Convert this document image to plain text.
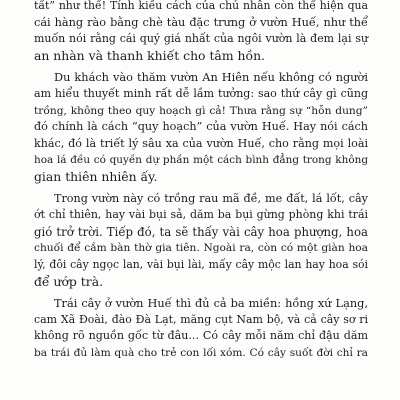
tất” như thế! Tính kiều cách của chủ nhân còn thể hiện qua
cái hàng rào bằng chè tàu đặc trưng ở vườn Huế, như thể
muốn nói rằng cái quý giá nhất của ngôi vườn là đem lại sự
an nhàn và thanh khiết cho tâm hồn.
Du khách vào thăm vườn An Hiên nếu không có người
am hiểu thuyết minh rất dễ lầm tưởng: sao thứ cây gì cũng
trồng, không theo quy hoạch gì cả! Thưa rằng sự “hỗn dung”
đó chính là cách “quy hoạch” của vườn Huế. Hay nói cách
khác, đó là triết lý sâu xa của vườn Huế, cho rằng mọi loài
hoa lá đều có quyền dự phần một cách bình đẳng trong không
gian thiên nhiên ấy.
Trong vườn này có trồng rau mã đề, me đất, lá lốt, cây
ớt chỉ thiên, hay vài bụi sả, dăm ba bụi gừng phòng khi trái
gió trở trời. Tiếp đó, ta sẽ thấy vài cây hoa phượng, hoa
chuối để cắm bàn thờ gia tiên. Ngoài ra, còn có một giàn hoa
lý, đôi cây ngọc lan, vài bụi lài, mấy cây mộc lan hay hoa sói
để ướp trà.
Trái cây ở vườn Huế thì đủ cả ba miền: hồng xứ Lạng,
cam Xã Đoài, đào Đà Lạt, măng cụt Nam bộ, và cả cây sơ ri
không rõ nguồn gốc từ đâu... Có cây mỗi năm chỉ đậu dăm
ba trái đủ làm quà cho trẻ con lối xóm. Có cây suốt đời chỉ ra
